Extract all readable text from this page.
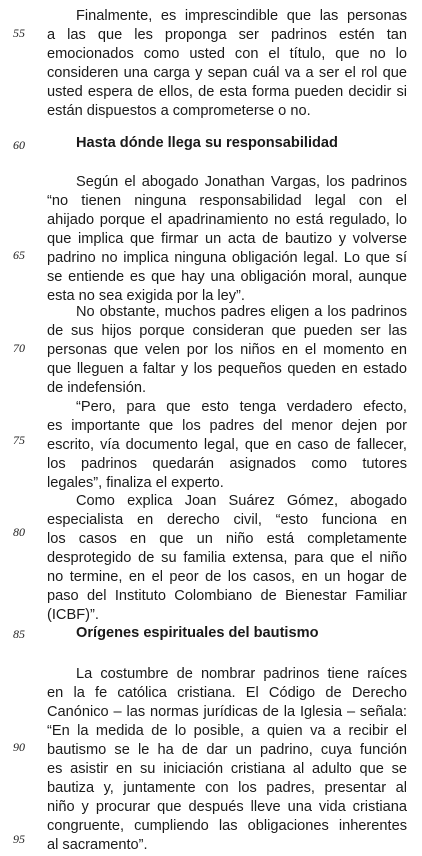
55
60
65
70
75
80
85
90
95
Finalmente, es imprescindible que las personas
a las que les proponga ser padrinos estén tan
emocionados como usted con el título, que no lo
consideren una carga y sepan cuál va a ser el rol que
usted espera de ellos, de esta forma pueden decidir si
están dispuestos a comprometerse o no.
Hasta dónde llega su responsabilidad
Según el abogado Jonathan Vargas, los padrinos
“no tienen ninguna responsabilidad legal con el
ahijado porque el apadrinamiento no está regulado, lo
que implica que firmar un acta de bautizo y volverse
padrino no implica ninguna obligación legal. Lo que sí
se entiende es que hay una obligación moral, aunque
esta no sea exigida por la ley”.
No obstante, muchos padres eligen a los padrinos
de sus hijos porque consideran que pueden ser las
personas que velen por los niños en el momento en
que lleguen a faltar y los pequeños queden en estado
de indefensión.
“Pero, para que esto tenga verdadero efecto,
es importante que los padres del menor dejen por
escrito, vía documento legal, que en caso de fallecer,
los padrinos quedarán asignados como tutores
legales”, finaliza el experto.
Como explica Joan Suárez Gómez, abogado
especialista en derecho civil, “esto funciona en
los casos en que un niño está completamente
desprotegido de su familia extensa, para que el niño
no termine, en el peor de los casos, en un hogar de
paso del Instituto Colombiano de Bienestar Familiar
(ICBF)”.
Orígenes espirituales del bautismo
La costumbre de nombrar padrinos tiene raíces
en la fe católica cristiana. El Código de Derecho
Canónico – las normas jurídicas de la Iglesia – señala:
“En la medida de lo posible, a quien va a recibir el
bautismo se le ha de dar un padrino, cuya función
es asistir en su iniciación cristiana al adulto que se
bautiza y, juntamente con los padres, presentar al
niño y procurar que después lleve una vida cristiana
congruente, cumpliendo las obligaciones inherentes
al sacramento”.
